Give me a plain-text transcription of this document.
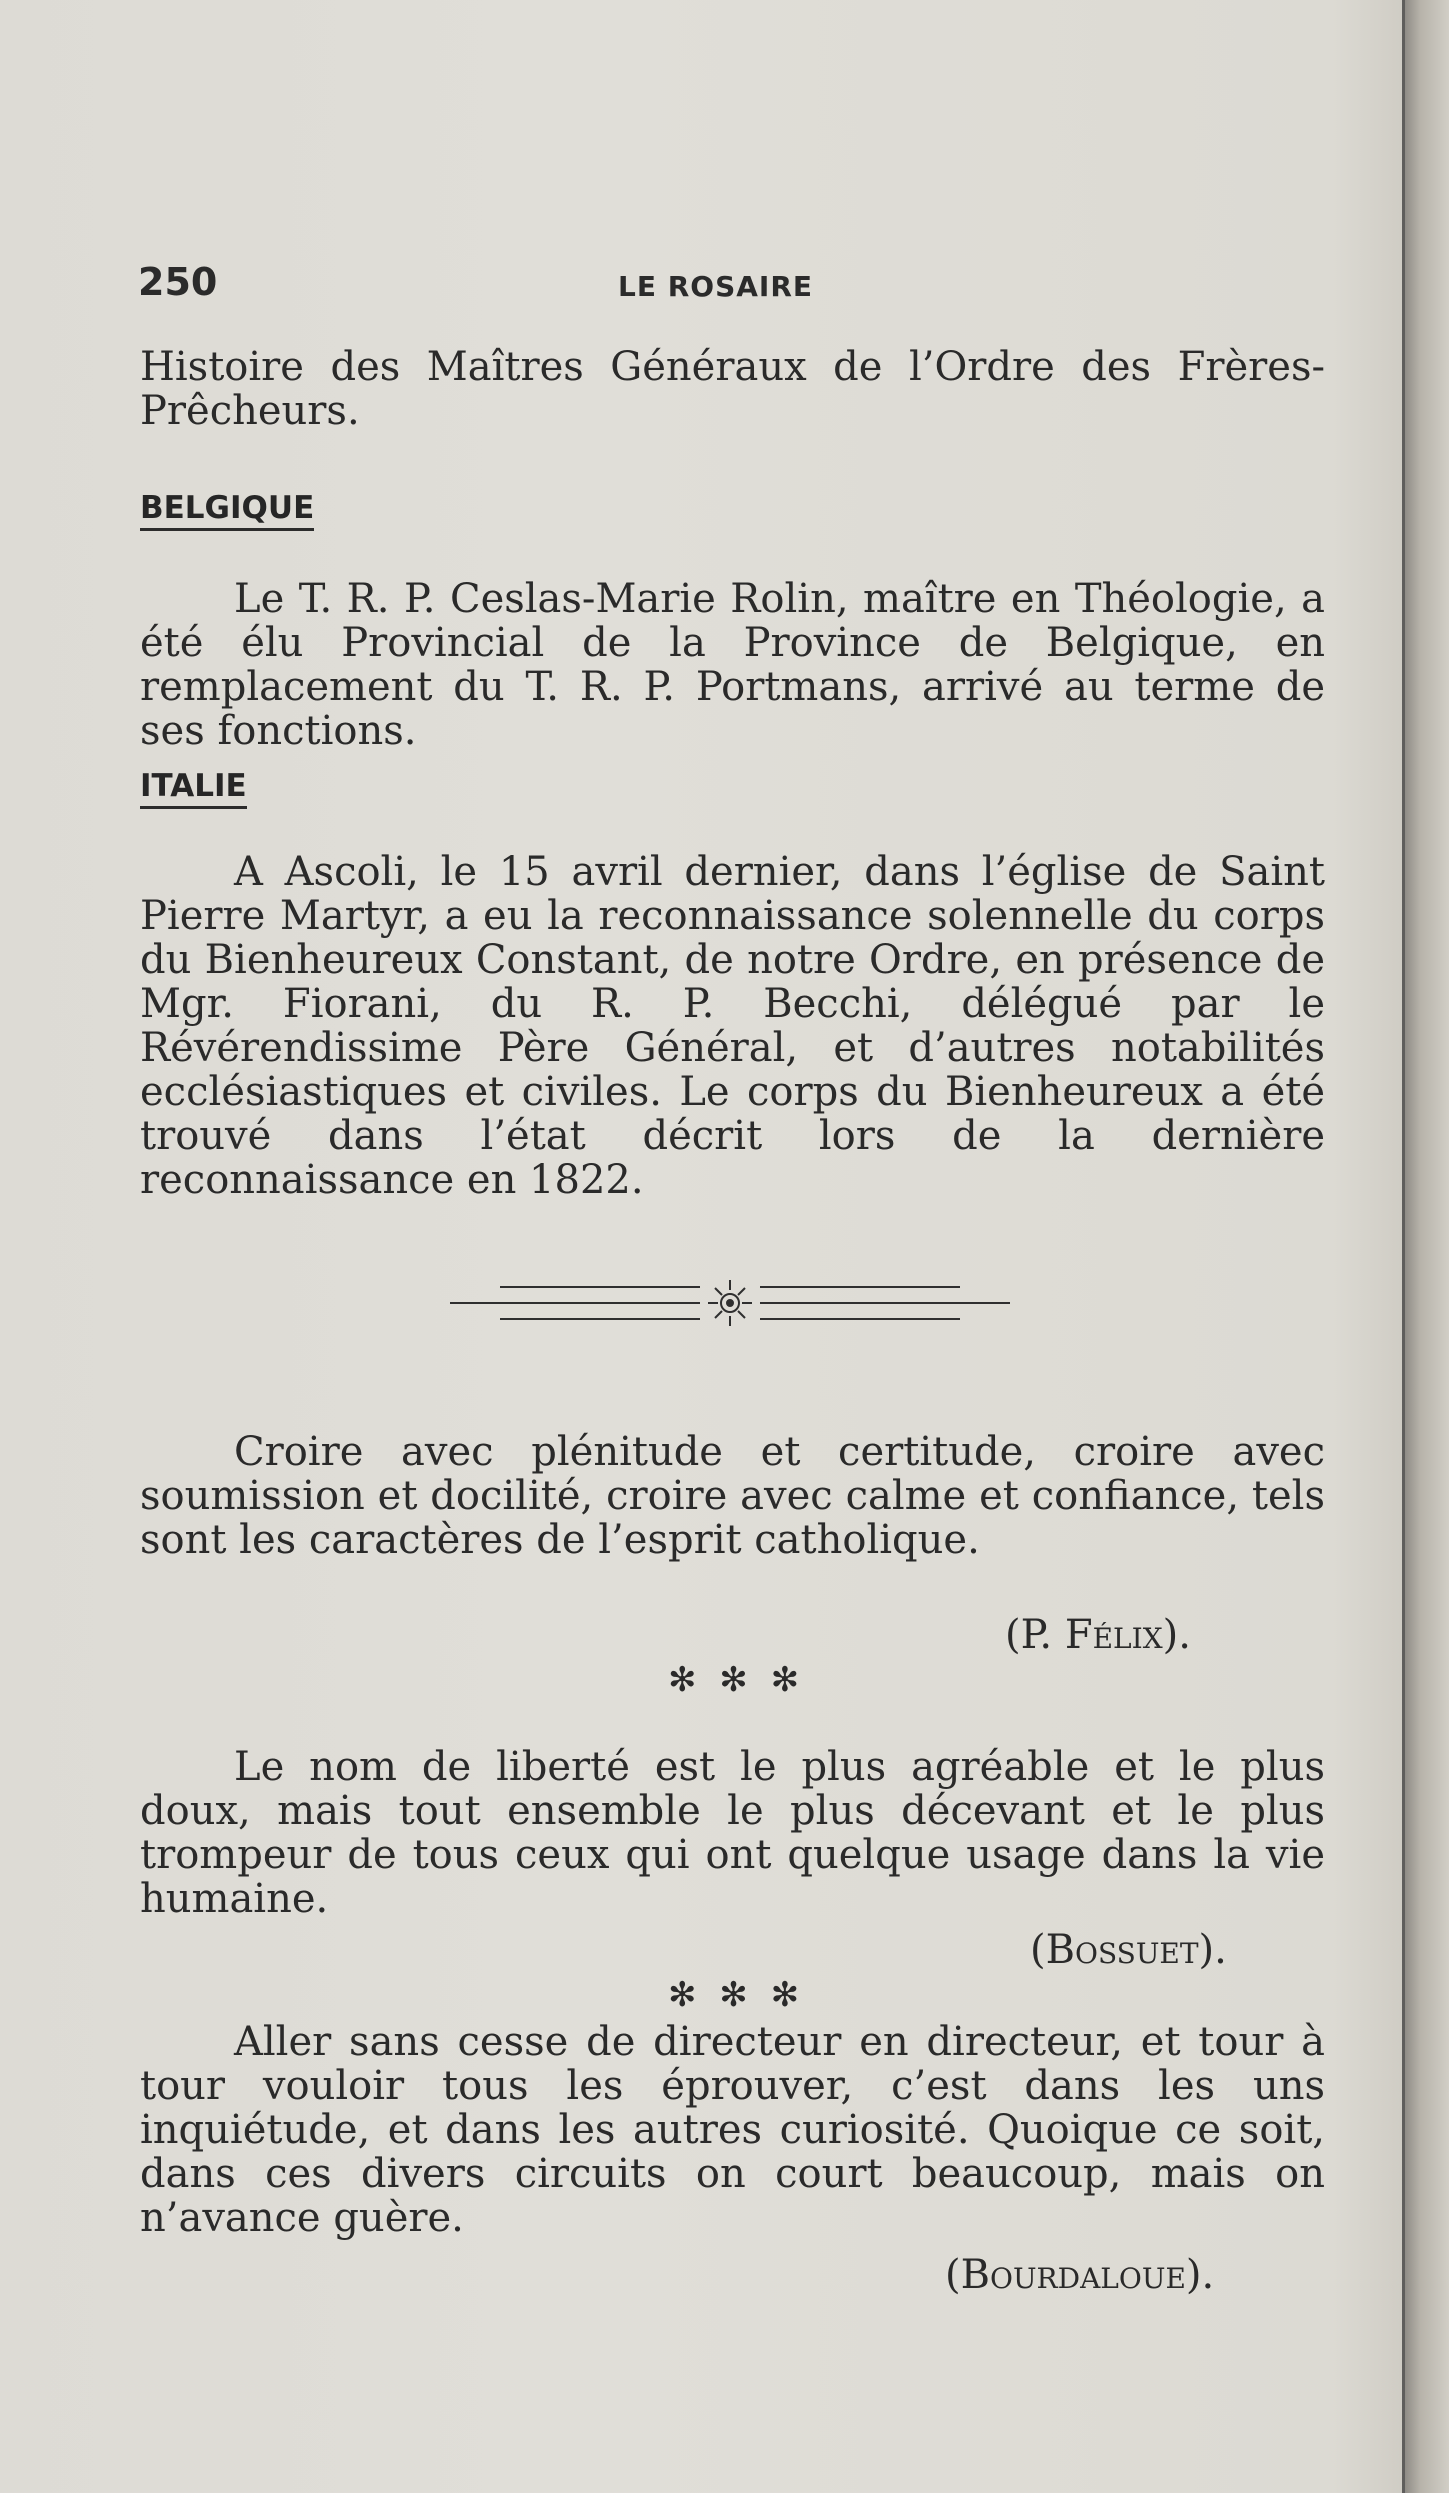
250	LE ROSAIRE
Histoire des Maîtres Généraux de l’Ordre des Frères-Prêcheurs.
BELGIQUE
Le T. R. P. Ceslas-Marie Rolin, maître en Théologie, a été élu Provincial de la Province de Belgique, en remplacement du T. R. P. Portmans, arrivé au terme de ses fonctions.
ITALIE
A Ascoli, le 15 avril dernier, dans l’église de Saint Pierre Martyr, a eu la reconnaissance solennelle du corps du Bienheureux Constant, de notre Ordre, en présence de Mgr. Fiorani, du R. P. Becchi, délégué par le Révérendissime Père Général, et d’autres notabilités ecclésiastiques et civiles. Le corps du Bienheureux a été trouvé dans l’état décrit lors de la dernière reconnaissance en 1822.
Croire avec plénitude et certitude, croire avec soumission et docilité, croire avec calme et confiance, tels sont les caractères de l’esprit catholique.
(P. Félix).
✻ ✻ ✻
Le nom de liberté est le plus agréable et le plus doux, mais tout ensemble le plus décevant et le plus trompeur de tous ceux qui ont quelque usage dans la vie humaine.
(Bossuet).
✻ ✻ ✻
Aller sans cesse de directeur en directeur, et tour à tour vouloir tous les éprouver, c’est dans les uns inquiétude, et dans les autres curiosité. Quoique ce soit, dans ces divers circuits on court beaucoup, mais on n’avance guère.
(Bourdaloue).
